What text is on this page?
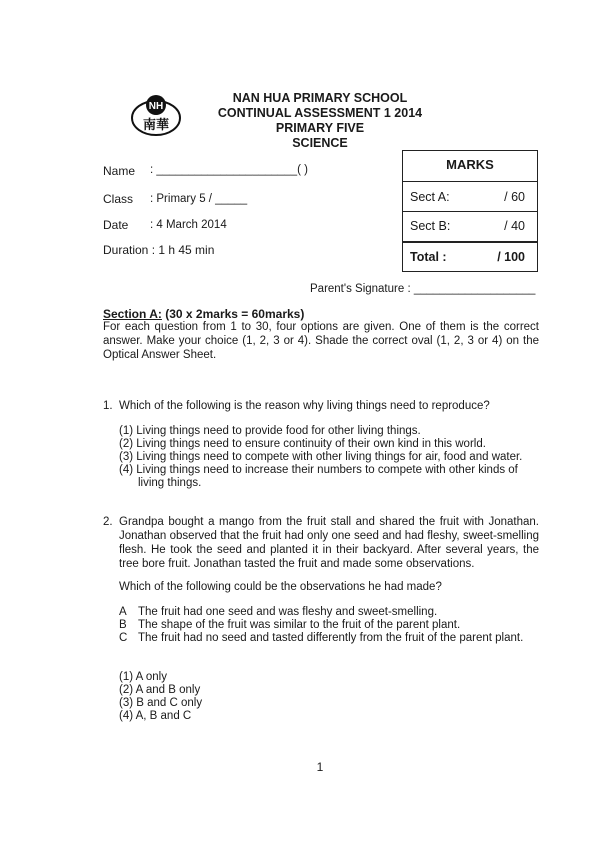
NH
南華
NAN HUA PRIMARY SCHOOL
CONTINUAL ASSESSMENT 1 2014
PRIMARY FIVE
SCIENCE
Name : ______________________( )
Class : Primary 5 / _____
Date : 4 March 2014
Duration : 1 h 45 min
MARKS
Sect A:	/ 60
Sect B:	/ 40
Total :	/ 100
Parent's Signature : ___________________
Section A: (30 x 2marks = 60marks)
For each question from 1 to 30, four options are given. One of them is the correct answer. Make your choice (1, 2, 3 or 4). Shade the correct oval (1, 2, 3 or 4) on the Optical Answer Sheet.
1. Which of the following is the reason why living things need to reproduce?
(1) Living things need to provide food for other living things.
(2) Living things need to ensure continuity of their own kind in this world.
(3) Living things need to compete with other living things for air, food and water.
(4) Living things need to increase their numbers to compete with other kinds of
living things.
2. Grandpa bought a mango from the fruit stall and shared the fruit with Jonathan. Jonathan observed that the fruit had only one seed and had fleshy, sweet-smelling flesh. He took the seed and planted it in their backyard. After several years, the tree bore fruit. Jonathan tasted the fruit and made some observations.
Which of the following could be the observations he had made?
A The fruit had one seed and was fleshy and sweet-smelling.
B The shape of the fruit was similar to the fruit of the parent plant.
C The fruit had no seed and tasted differently from the fruit of the parent plant.
(1) A only
(2) A and B only
(3) B and C only
(4) A, B and C
1
